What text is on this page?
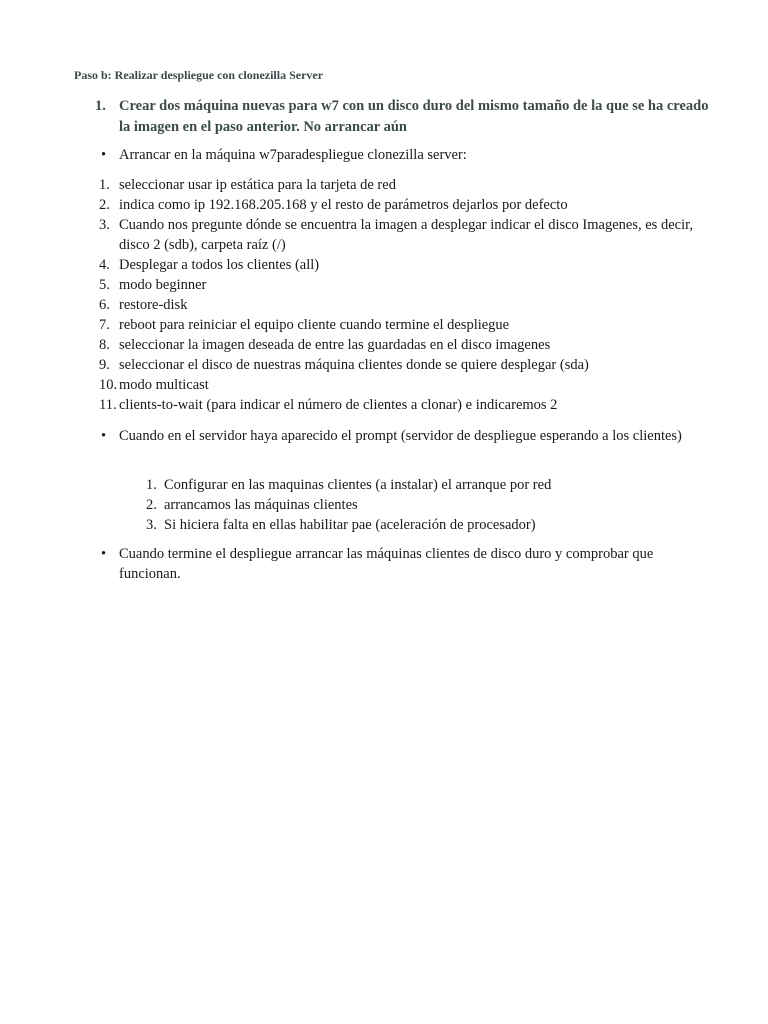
Paso b: Realizar despliegue con clonezilla Server
1. Crear dos máquina nuevas para w7 con un disco duro del mismo tamaño de la que se ha creado la imagen en el paso anterior. No arrancar aún
• Arrancar en la máquina w7paradespliegue clonezilla server:
1. seleccionar usar ip estática para la tarjeta de red
2. indica como ip 192.168.205.168 y el resto de parámetros dejarlos por defecto
3. Cuando nos pregunte dónde se encuentra la imagen a desplegar indicar el disco Imagenes, es decir, disco 2 (sdb), carpeta raíz (/)
4. Desplegar a todos los clientes (all)
5. modo beginner
6. restore-disk
7. reboot para reiniciar el equipo cliente cuando termine el despliegue
8. seleccionar la imagen deseada de entre las guardadas en el disco imagenes
9. seleccionar el disco de nuestras máquina clientes donde se quiere desplegar (sda)
10. modo multicast
11. clients-to-wait (para indicar el número de clientes a clonar) e indicaremos 2
• Cuando en el servidor haya aparecido el prompt (servidor de despliegue esperando a los clientes)
1. Configurar en las maquinas clientes (a instalar) el arranque por red
2. arrancamos las máquinas clientes
3. Si hiciera falta en ellas habilitar pae (aceleración de procesador)
• Cuando termine el despliegue arrancar las máquinas clientes de disco duro y comprobar que funcionan.
